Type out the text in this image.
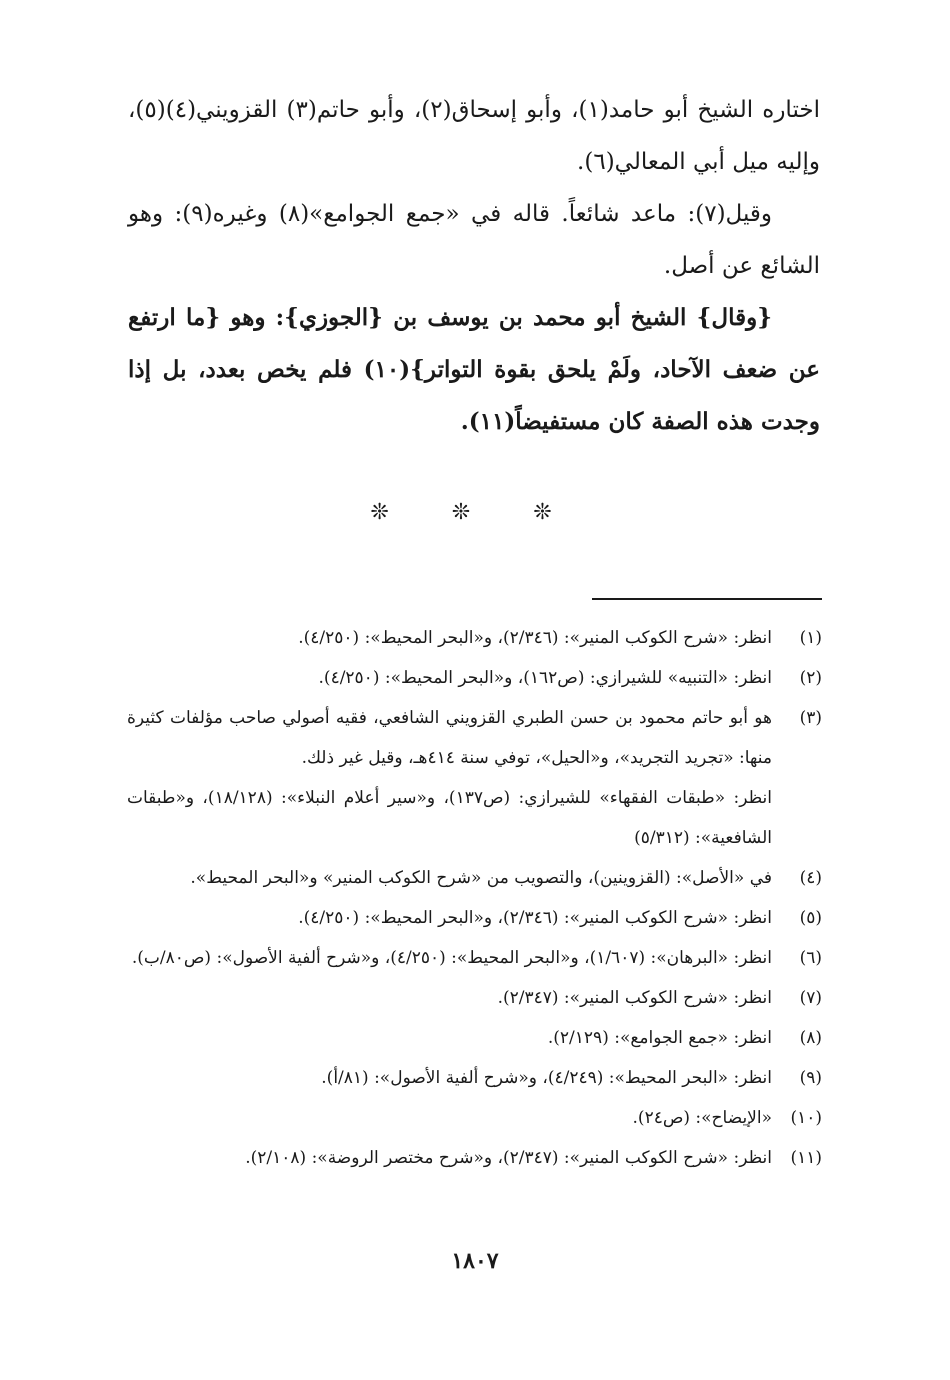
اختاره الشيخ أبو حامد(١)، وأبو إسحاق(٢)، وأبو حاتم(٣) القزويني(٤)(٥)، وإليه ميل أبي المعالي(٦).

وقيل(٧): ماعد شائعاً. قاله في «جمع الجوامع»(٨) وغيره(٩): وهو الشائع عن أصل.

{وقال} الشيخ أبو محمد بن يوسف بن {الجوزي}: وهو {ما ارتفع عن ضعف الآحاد، ولَمْ يلحق بقوة التواتر}(١٠) فلم يخص بعدد، بل إذا وجدت هذه الصفة كان مستفيضاً(١١).

❊ ❊ ❊
(١)
انظر: «شرح الكوكب المنير»: (٢/٣٤٦)، و«البحر المحيط»: (٤/٢٥٠).
(٢)
انظر: «التنبيه» للشيرازي: (ص١٦٢)، و«البحر المحيط»: (٤/٢٥٠).
(٣)
هو أبو حاتم محمود بن حسن الطبري القزويني الشافعي، فقيه أصولي صاحب مؤلفات كثيرة منها: «تجريد التجريد»، و«الحيل»، توفي سنة ٤١٤هـ، وقيل غير ذلك.
انظر: «طبقات الفقهاء» للشيرازي: (ص١٣٧)، و«سير أعلام النبلاء»: (١٨/١٢٨)، و«طبقات الشافعية»: (٥/٣١٢)
(٤)
في «الأصل»: (القزوينين)، والتصويب من «شرح الكوكب المنير» و«البحر المحيط».
(٥)
انظر: «شرح الكوكب المنير»: (٢/٣٤٦)، و«البحر المحيط»: (٤/٢٥٠).
(٦)
انظر: «البرهان»: (١/٦٠٧)، و«البحر المحيط»: (٤/٢٥٠)، و«شرح ألفية الأصول»: (ص٨٠/ب).
(٧)
انظر: «شرح الكوكب المنير»: (٢/٣٤٧).
(٨)
انظر: «جمع الجوامع»: (٢/١٢٩).
(٩)
انظر: «البحر المحيط»: (٤/٢٤٩)، و«شرح ألفية الأصول»: (٨١/أ).
(١٠)
«الإيضاح»: (ص٢٤).
(١١)
انظر: «شرح الكوكب المنير»: (٢/٣٤٧)، و«شرح مختصر الروضة»: (٢/١٠٨).
١٨٠٧
